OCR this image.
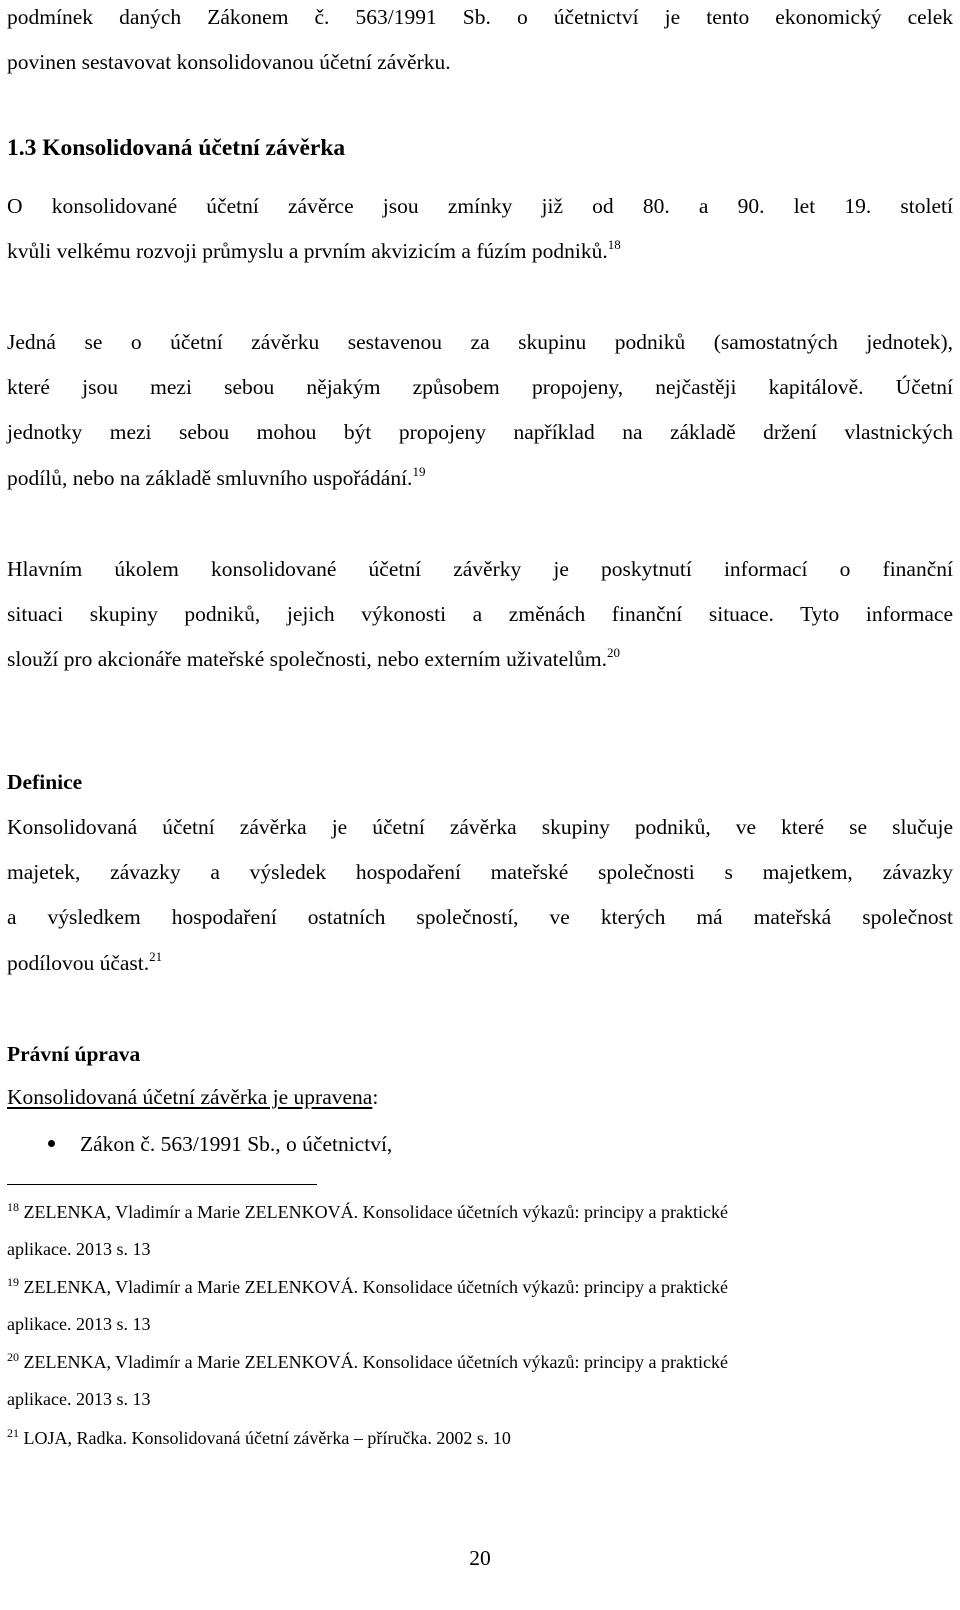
podmínek daných Zákonem č. 563/1991 Sb. o účetnictví je tento ekonomický celek
povinen sestavovat konsolidovanou účetní závěrku.
1.3 Konsolidovaná účetní závěrka
O konsolidované účetní závěrce jsou zmínky již od 80. a 90. let 19. století
kvůli velkému rozvoji průmyslu a prvním akvizicím a fúzím podniků.$^{18}$
Jedná se o účetní závěrku sestavenou za skupinu podniků (samostatných jednotek),
které jsou mezi sebou nějakým způsobem propojeny, nejčastěji kapitálově. Účetní
jednotky mezi sebou mohou být propojeny například na základě držení vlastnických
podílů, nebo na základě smluvního uspořádání.$^{19}$
Hlavním úkolem konsolidované účetní závěrky je poskytnutí informací o finanční
situaci skupiny podniků, jejich výkonosti a změnách finanční situace. Tyto informace
slouží pro akcionáře mateřské společnosti, nebo externím uživatelům.$^{20}$
Definice
Konsolidovaná účetní závěrka je účetní závěrka skupiny podniků, ve které se slučuje
majetek, závazky a výsledek hospodaření mateřské společnosti s majetkem, závazky
a výsledkem hospodaření ostatních společností, ve kterých má mateřská společnost
podílovou účast.$^{21}$
Právní úprava
Konsolidovaná účetní závěrka je upravena:
Zákon č. 563/1991 Sb., o účetnictví,
$^{18}$ ZELENKA, Vladimír a Marie ZELENKOVÁ. Konsolidace účetních výkazů: principy a praktické
aplikace. 2013 s. 13
$^{19}$ ZELENKA, Vladimír a Marie ZELENKOVÁ. Konsolidace účetních výkazů: principy a praktické
aplikace. 2013 s. 13
$^{20}$ ZELENKA, Vladimír a Marie ZELENKOVÁ. Konsolidace účetních výkazů: principy a praktické
aplikace. 2013 s. 13
$^{21}$ LOJA, Radka. Konsolidovaná účetní závěrka – příručka. 2002 s. 10
20
